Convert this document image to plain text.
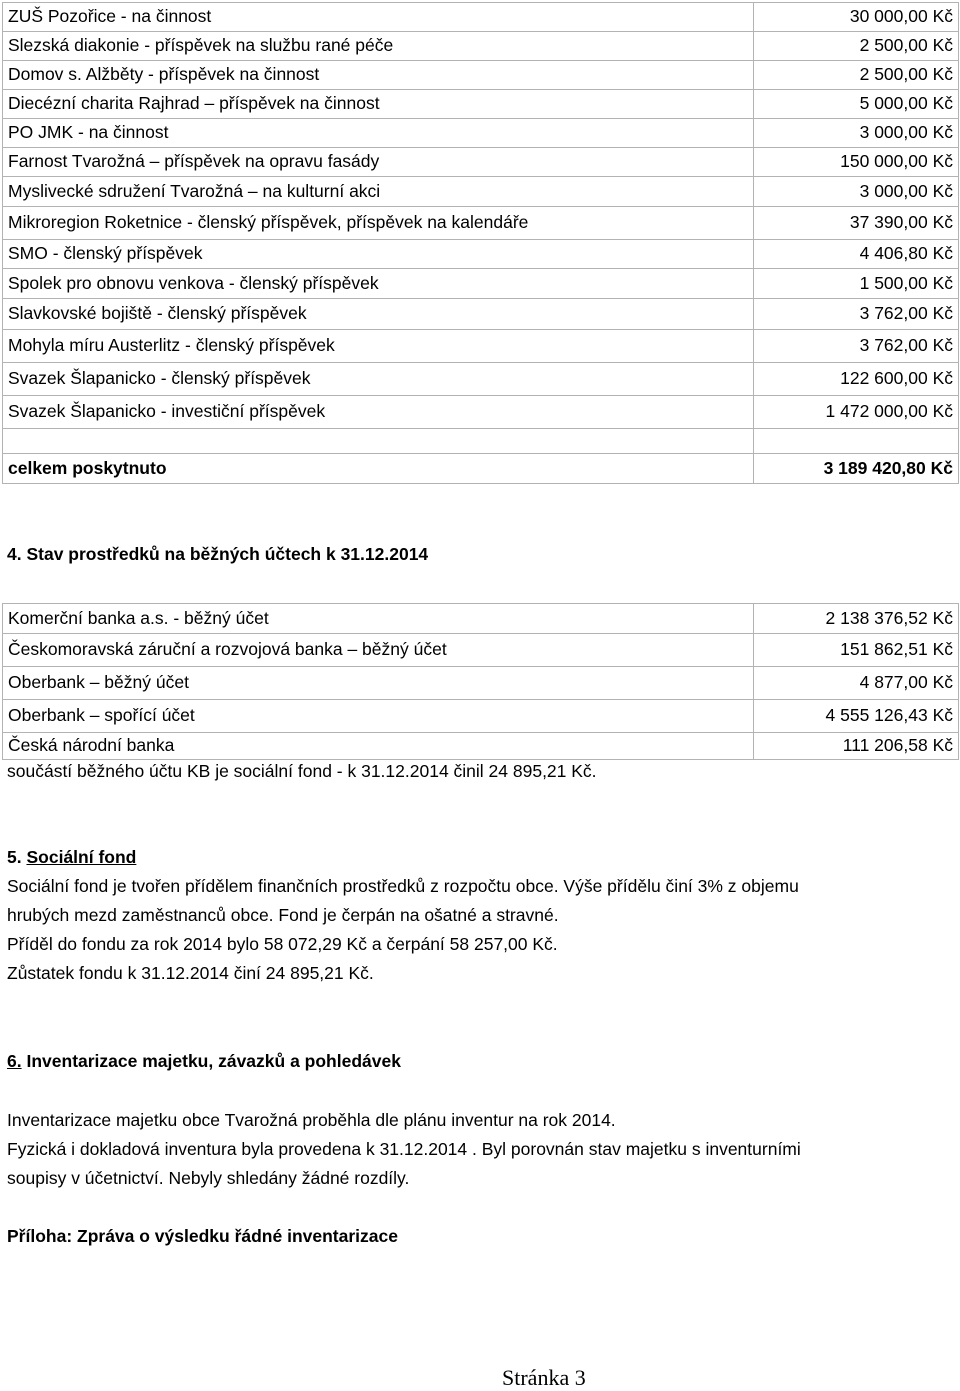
ZUŠ Pozořice - na činnost	30 000,00 Kč
Slezská diakonie - příspěvek na službu rané péče	2 500,00 Kč
Domov s. Alžběty - příspěvek na činnost	2 500,00 Kč
Diecézní charita Rajhrad – příspěvek na činnost	5 000,00 Kč
PO JMK - na činnost	3 000,00 Kč
Farnost Tvarožná – příspěvek na opravu fasády	150 000,00 Kč
Myslivecké sdružení Tvarožná – na kulturní akci	3 000,00 Kč
Mikroregion Roketnice - členský příspěvek, příspěvek na kalendáře	37 390,00 Kč
SMO - členský příspěvek	4 406,80 Kč
Spolek pro obnovu venkova - členský příspěvek	1 500,00 Kč
Slavkovské bojiště - členský příspěvek	3 762,00 Kč
Mohyla míru Austerlitz - členský příspěvek	3 762,00 Kč
Svazek Šlapanicko - členský příspěvek	122 600,00 Kč
Svazek Šlapanicko - investiční příspěvek	1 472 000,00 Kč

celkem poskytnuto	3 189 420,80 Kč
4. Stav prostředků na běžných účtech k 31.12.2014
Komerční banka a.s. - běžný účet	2 138 376,52 Kč
Českomoravská záruční a rozvojová banka – běžný účet	151 862,51 Kč
Oberbank – běžný účet	4 877,00 Kč
Oberbank – spořící účet	4 555 126,43 Kč
Česká národní banka	111 206,58 Kč
součástí běžného účtu KB je sociální fond - k 31.12.2014 činil 24 895,21 Kč.
5. Sociální fond
Sociální fond je tvořen přídělem finančních prostředků z rozpočtu obce. Výše přídělu činí 3% z objemu
hrubých mezd zaměstnanců obce. Fond je čerpán na ošatné a stravné.
Příděl do fondu za rok 2014 bylo 58 072,29 Kč a čerpání 58 257,00 Kč.
Zůstatek fondu k 31.12.2014 činí 24 895,21 Kč.
6. Inventarizace majetku, závazků a pohledávek
Inventarizace majetku obce Tvarožná proběhla dle plánu inventur na rok 2014.
Fyzická i dokladová inventura byla provedena k 31.12.2014 . Byl porovnán stav majetku s inventurními
soupisy v účetnictví. Nebyly shledány žádné rozdíly.
Příloha: Zpráva o výsledku řádné inventarizace
Stránka 3
